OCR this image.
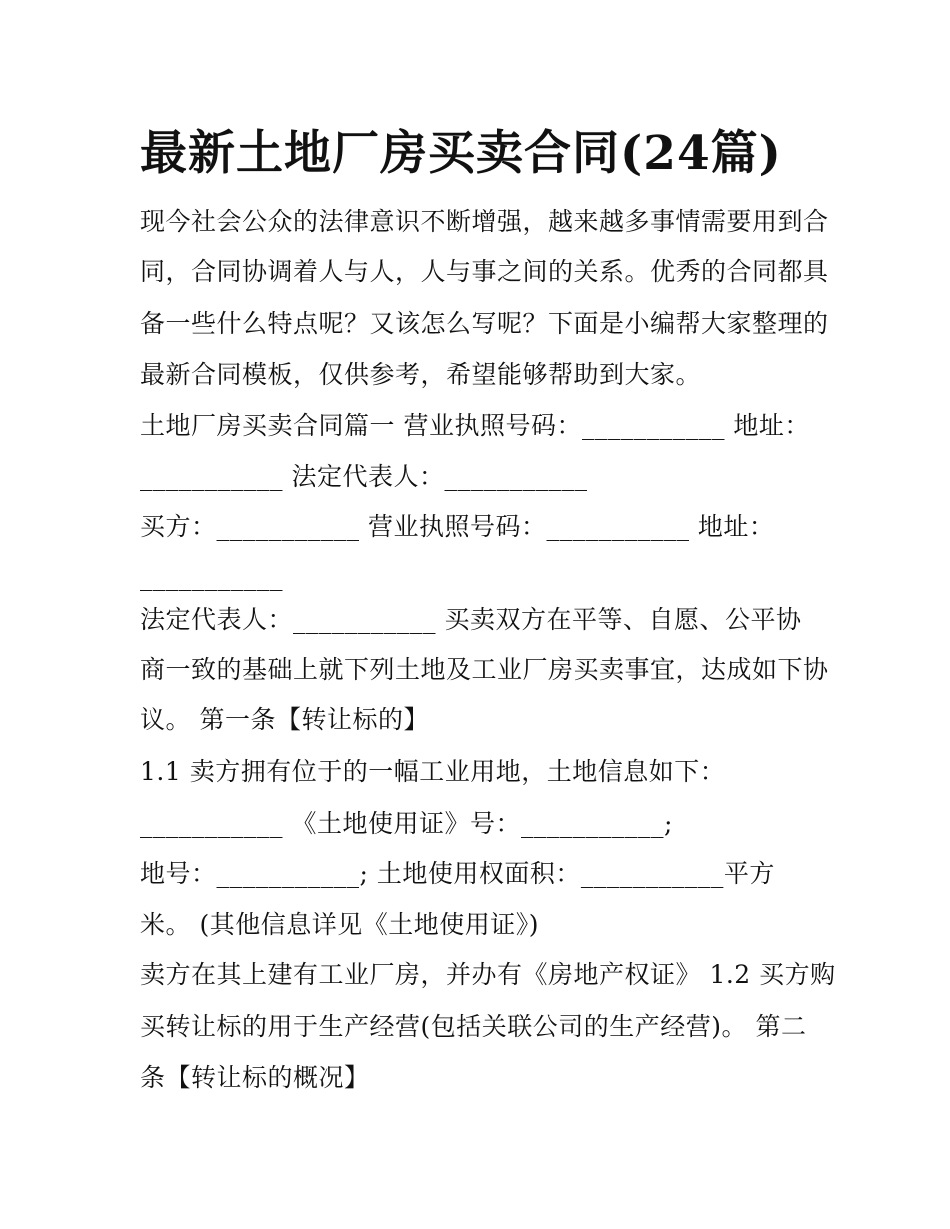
最新土地厂房买卖合同(24篇)
现今社会公众的法律意识不断增强，越来越多事情需要用到合
同，合同协调着人与人，人与事之间的关系。优秀的合同都具
备一些什么特点呢？又该怎么写呢？下面是小编帮大家整理的
最新合同模板，仅供参考，希望能够帮助到大家。
土地厂房买卖合同篇一 营业执照号码：___________ 地址：
___________ 法定代表人：___________
买方：___________ 营业执照号码：___________ 地址：
___________
法定代表人：___________ 买卖双方在平等、自愿、公平协
商一致的基础上就下列土地及工业厂房买卖事宜，达成如下协
议。 第一条【转让标的】
1.1 卖方拥有位于的一幅工业用地，土地信息如下：
___________ 《土地使用证》号：___________;
地号：___________; 土地使用权面积：___________平方
米。 (其他信息详见《土地使用证》)
卖方在其上建有工业厂房，并办有《房地产权证》 1.2 买方购
买转让标的用于生产经营(包括关联公司的生产经营)。 第二
条【转让标的概况】
